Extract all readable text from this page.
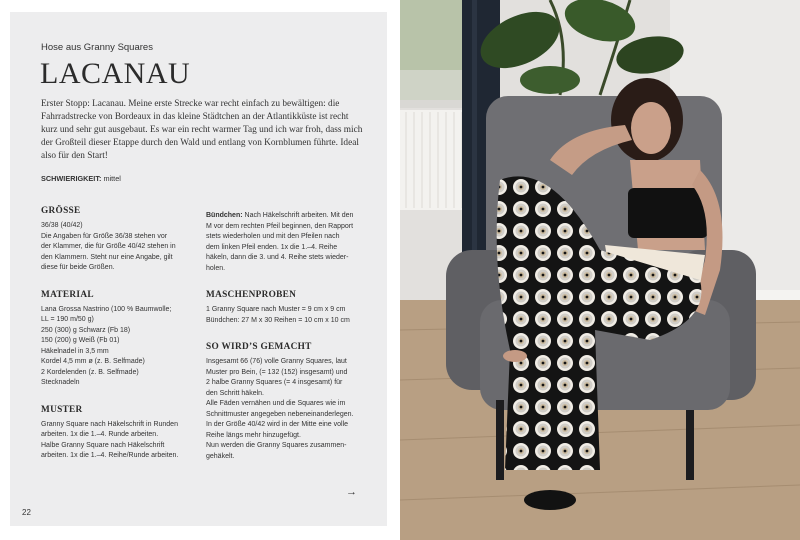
Hose aus Granny Squares
LACANAU

Erster Stopp: Lacanau. Meine erste Strecke war recht einfach zu bewältigen: die Fahrradstrecke von Bordeaux in das kleine Städtchen an der Atlantikküste ist recht kurz und sehr gut ausgebaut. Es war ein recht warmer Tag und ich war froh, dass mich der Großteil dieser Etappe durch den Wald und entlang von Kornblumen führte. Ideal also für den Start!

SCHWIERIGKEIT: mittel
GRÖSSE

36/38 (40/42)

Die Angaben für Größe 36/38 stehen vor

der Klammer, die für Größe 40/42 stehen in

den Klammern. Steht nur eine Angabe, gilt

diese für beide Größen.

MATERIAL

Lana Grossa Nastrino (100 % Baumwolle;

LL = 190 m/50 g)

250 (300) g Schwarz (Fb 18)

150 (200) g Weiß (Fb 01)

Häkelnadel in 3,5 mm

Kordel 4,5 mm ø (z. B. Selfmade)

2 Kordelenden (z. B. Selfmade)

Stecknadeln

MUSTER

Granny Square nach Häkelschrift in Runden

arbeiten. 1x die 1.–4. Runde arbeiten.

Halbe Granny Square nach Häkelschrift

arbeiten. 1x die 1.–4. Reihe/Runde arbeiten.

Bündchen: Nach Häkelschrift arbeiten. Mit den

M vor dem rechten Pfeil beginnen, den Rapport

stets wiederholen und mit den Pfeilen nach

dem linken Pfeil enden. 1x die 1.–4. Reihe

häkeln, dann die 3. und 4. Reihe stets wieder-

holen.

MASCHENPROBEN

1 Granny Square nach Muster = 9 cm x 9 cm

Bündchen: 27 M x 30 Reihen = 10 cm x 10 cm

SO WIRD’S GEMACHT

Insgesamt 66 (76) volle Granny Squares, laut

Muster pro Bein, (= 132 (152) insgesamt) und

2 halbe Granny Squares (= 4 insgesamt) für

den Schritt häkeln.

Alle Fäden vernähen und die Squares wie im

Schnittmuster angegeben nebeneinanderlegen.

In der Größe 40/42 wird in der Mitte eine volle

Reihe längs mehr hinzugefügt.

Nun werden die Granny Squares zusammen-

gehäkelt.

→
22
